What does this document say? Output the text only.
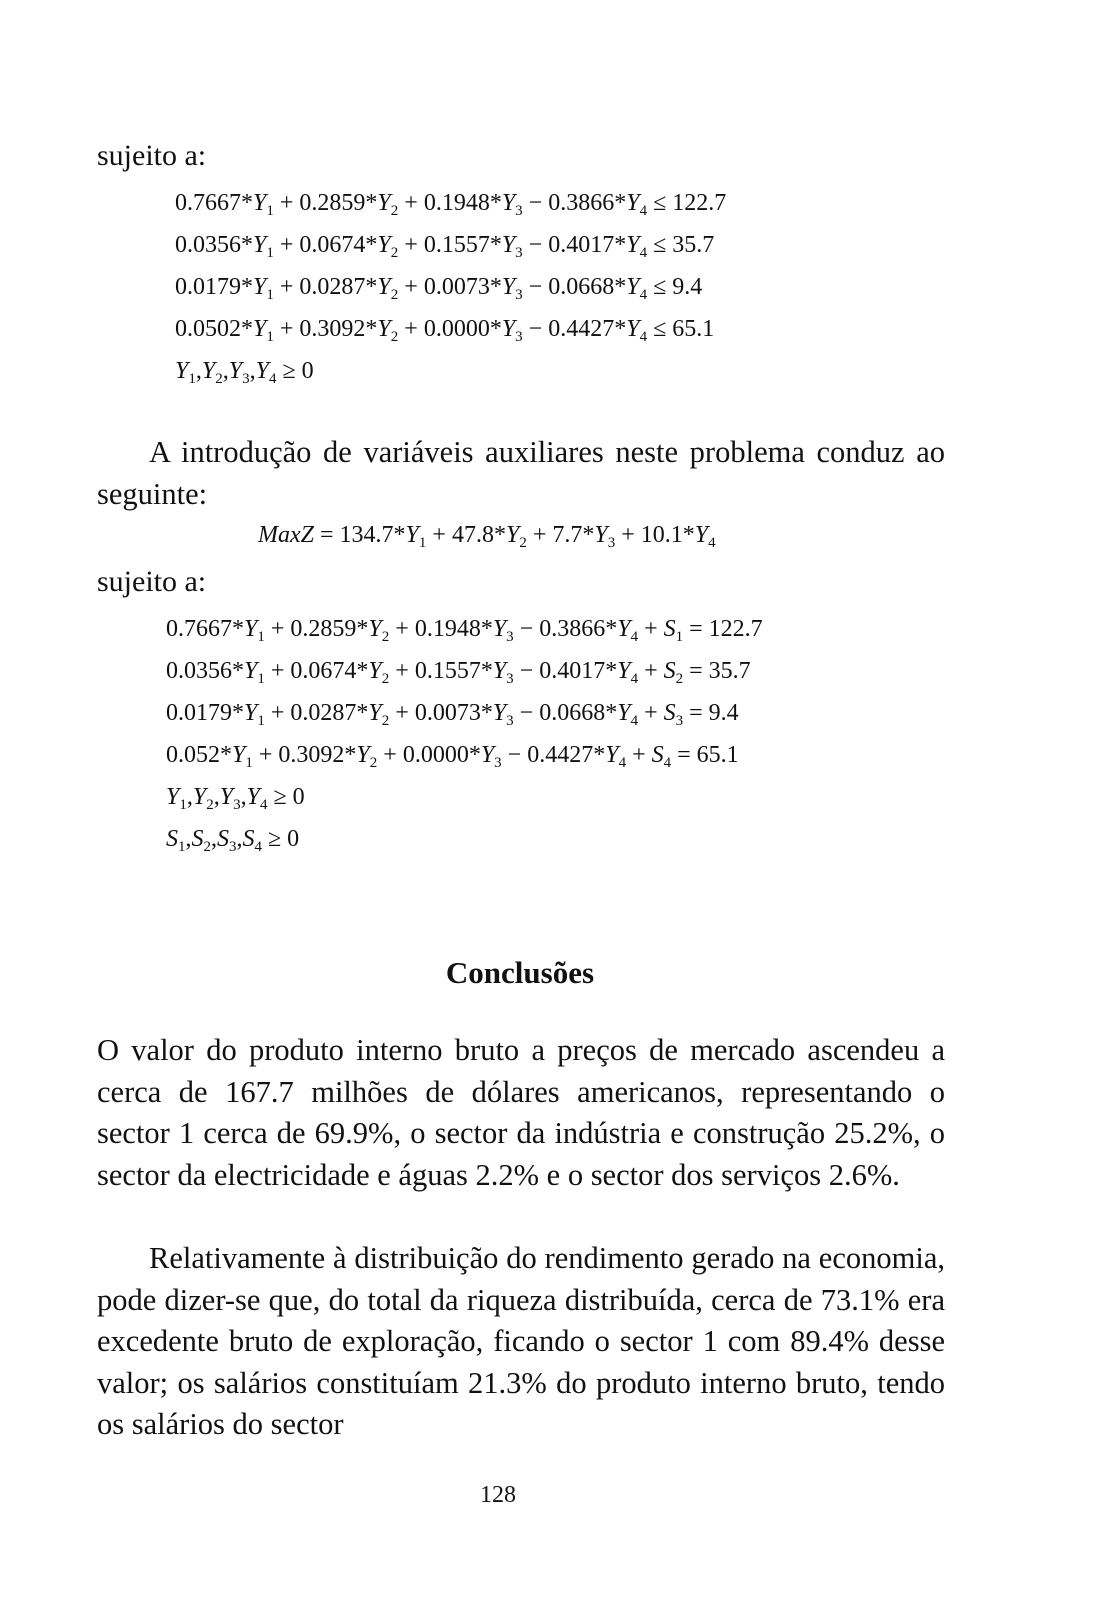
sujeito a:
$0.7667*Y_1 + 0.2859*Y_2 + 0.1948*Y_3 - 0.3866*Y_4 \le 122.7$
$0.0356*Y_1 + 0.0674*Y_2 + 0.1557*Y_3 - 0.4017*Y_4 \le 35.7$
$0.0179*Y_1 + 0.0287*Y_2 + 0.0073*Y_3 - 0.0668*Y_4 \le 9.4$
$0.0502*Y_1 + 0.3092*Y_2 + 0.0000*Y_3 - 0.4427*Y_4 \le 65.1$
$Y_1,Y_2,Y_3,Y_4 \ge 0$
A introdução de variáveis auxiliares neste problema conduz ao seguinte:
MaxZ = $134.7*Y_1 + 47.8*Y_2 + 7.7*Y_3 + 10.1*Y_4$
sujeito a:
$0.7667*Y_1 + 0.2859*Y_2 + 0.1948*Y_3 - 0.3866*Y_4 + S_1 = 122.7$
$0.0356*Y_1 + 0.0674*Y_2 + 0.1557*Y_3 - 0.4017*Y_4 + S_2 = 35.7$
$0.0179*Y_1 + 0.0287*Y_2 + 0.0073*Y_3 - 0.0668*Y_4 + S_3 = 9.4$
$0.052*Y_1 + 0.3092*Y_2 + 0.0000*Y_3 - 0.4427*Y_4 + S_4 = 65.1$
$Y_1,Y_2,Y_3,Y_4 \ge 0$
$S_1,S_2,S_3,S_4 \ge 0$
Conclusões
O valor do produto interno bruto a preços de mercado ascendeu a cerca de 167.7 milhões de dólares americanos, representando o sector 1 cerca de 69.9%, o sector da indústria e construção 25.2%, o sector da electricidade e águas 2.2% e o sector dos serviços 2.6%.
Relativamente à distribuição do rendimento gerado na economia, pode dizer-se que, do total da riqueza distribuída, cerca de 73.1% era excedente bruto de exploração, ficando o sector 1 com 89.4% desse valor; os salários constituíam 21.3% do produto interno bruto, tendo os salários do sector
128
